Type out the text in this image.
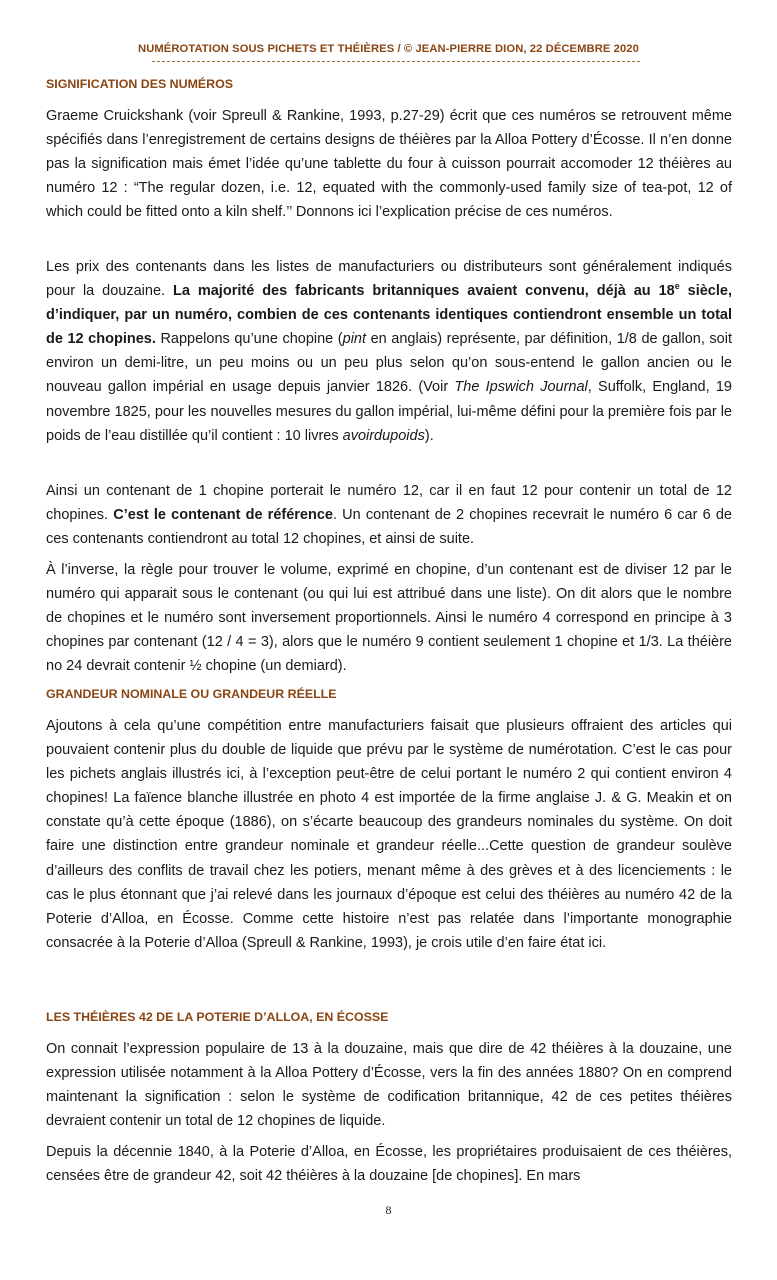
NUMÉROTATION SOUS PICHETS ET THÉIÈRES / © JEAN-PIERRE DION, 22 DÉCEMBRE 2020
SIGNIFICATION DES NUMÉROS

Graeme Cruickshank (voir Spreull & Rankine, 1993, p.27-29) écrit que ces numéros se retrouvent même spécifiés dans l’enregistrement de certains designs de théières par la Alloa Pottery d’Écosse. Il n’en donne pas la signification mais émet l’idée qu’une tablette du four à cuisson pourrait accomoder 12 théières au numéro 12 : “The regular dozen, i.e. 12, equated with the commonly-used family size of tea-pot, 12 of which could be fitted onto a kiln shelf.’’ Donnons ici l’explication précise de ces numéros.

Les prix des contenants dans les listes de manufacturiers ou distributeurs sont généralement indiqués pour la douzaine. La majorité des fabricants britanniques avaient convenu, déjà au 18e siècle, d’indiquer, par un numéro, combien de ces contenants identiques contiendront ensemble un total de 12 chopines. Rappelons qu’une chopine (pint en anglais) représente, par définition, 1/8 de gallon, soit environ un demi-litre, un peu moins ou un peu plus selon qu’on sous-entend le gallon ancien ou le nouveau gallon impérial en usage depuis janvier 1826. (Voir The Ipswich Journal, Suffolk, England, 19 novembre 1825, pour les nouvelles mesures du gallon impérial, lui-même défini pour la première fois par le poids de l’eau distillée qu’il contient : 10 livres avoirdupoids).

Ainsi un contenant de 1 chopine porterait le numéro 12, car il en faut 12 pour contenir un total de 12 chopines. C’est le contenant de référence. Un contenant de 2 chopines recevrait le numéro 6 car 6 de ces contenants contiendront au total 12 chopines, et ainsi de suite.

À l’inverse, la règle pour trouver le volume, exprimé en chopine, d’un contenant est de diviser 12 par le numéro qui apparait sous le contenant (ou qui lui est attribué dans une liste). On dit alors que le nombre de chopines et le numéro sont inversement proportionnels. Ainsi le numéro 4 correspond en principe à 3 chopines par contenant (12 / 4 = 3), alors que le numéro 9 contient seulement 1 chopine et 1/3. La théière no 24 devrait contenir ½ chopine (un demiard).

GRANDEUR NOMINALE OU GRANDEUR RÉELLE

Ajoutons à cela qu’une compétition entre manufacturiers faisait que plusieurs offraient des articles qui pouvaient contenir plus du double de liquide que prévu par le système de numérotation. C’est le cas pour les pichets anglais illustrés ici, à l’exception peut-être de celui portant le numéro 2 qui contient environ 4 chopines! La faïence blanche illustrée en photo 4 est importée de la firme anglaise J. & G. Meakin et on constate qu’à cette époque (1886), on s’écarte beaucoup des grandeurs nominales du système. On doit faire une distinction entre grandeur nominale et grandeur réelle...Cette question de grandeur soulève d’ailleurs des conflits de travail chez les potiers, menant même à des grèves et à des licenciements : le cas le plus étonnant que j’ai relevé dans les journaux d’époque est celui des théières au numéro 42 de la Poterie d’Alloa, en Écosse. Comme cette histoire n’est pas relatée dans l’importante monographie consacrée à la Poterie d’Alloa (Spreull & Rankine, 1993), je crois utile d’en faire état ici.

LES THÉIÈRES 42 DE LA POTERIE D’ALLOA, EN ÉCOSSE

On connait l’expression populaire de 13 à la douzaine, mais que dire de 42 théières à la douzaine, une expression utilisée notamment à la Alloa Pottery d’Écosse, vers la fin des années 1880? On en comprend maintenant la signification : selon le système de codification britannique, 42 de ces petites théières devraient contenir un total de 12 chopines de liquide.

Depuis la décennie 1840, à la Poterie d’Alloa, en Écosse, les propriétaires produisaient de ces théières, censées être de grandeur 42, soit 42 théières à la douzaine [de chopines]. En mars

8
